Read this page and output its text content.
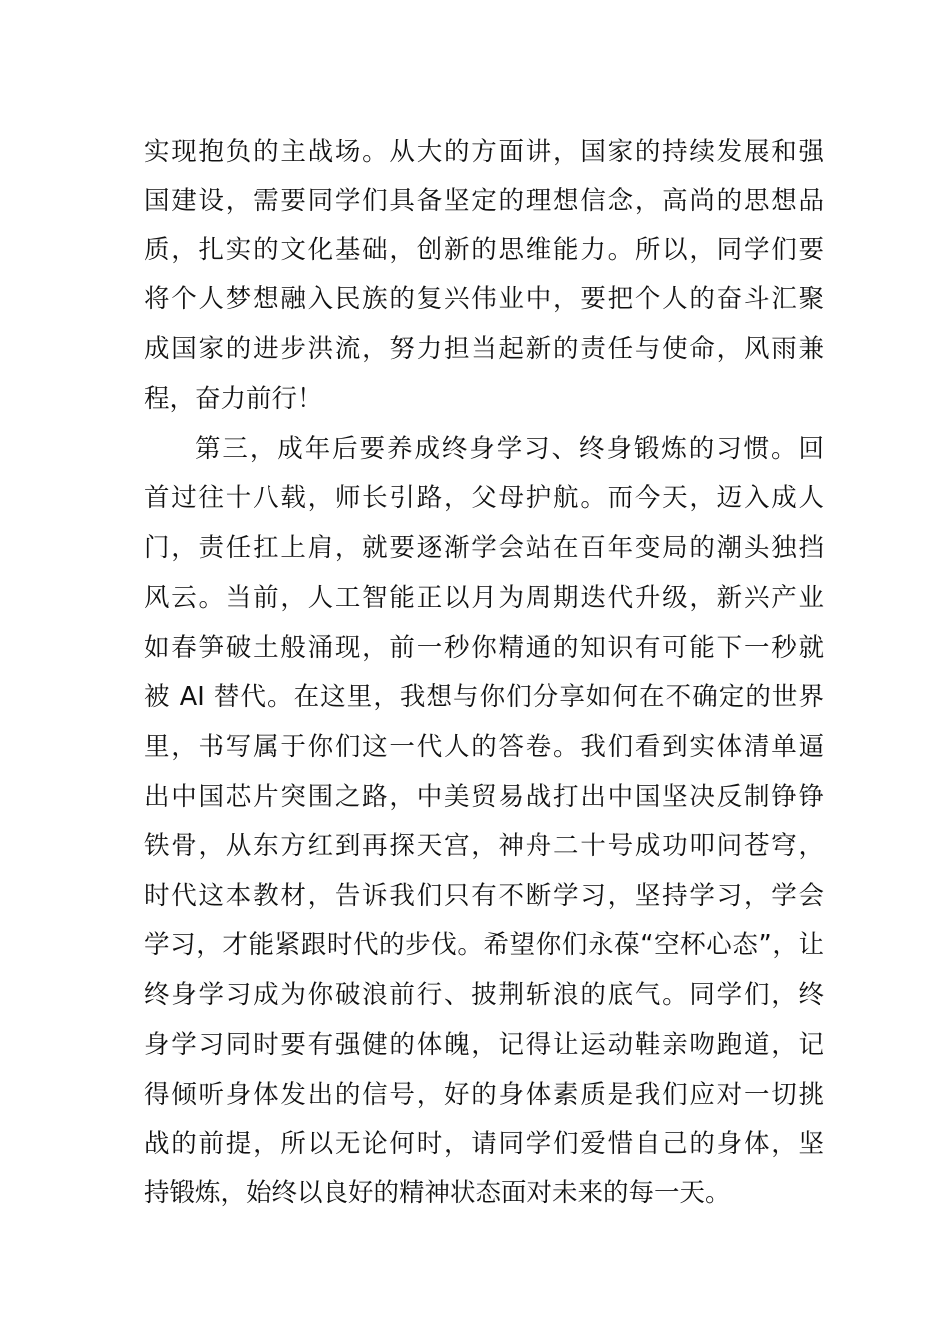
实现抱负的主战场。从大的方面讲，国家的持续发展和强
国建设，需要同学们具备坚定的理想信念，高尚的思想品
质，扎实的文化基础，创新的思维能力。所以，同学们要
将个人梦想融入民族的复兴伟业中，要把个人的奋斗汇聚
成国家的进步洪流，努力担当起新的责任与使命，风雨兼
程，奋力前行！
第三，成年后要养成终身学习、终身锻炼的习惯。回
首过往十八载，师长引路，父母护航。而今天，迈入成人
门，责任扛上肩，就要逐渐学会站在百年变局的潮头独挡
风云。当前，人工智能正以月为周期迭代升级，新兴产业
如春笋破土般涌现，前一秒你精通的知识有可能下一秒就
被 AI 替代。在这里，我想与你们分享如何在不确定的世界
里，书写属于你们这一代人的答卷。我们看到实体清单逼
出中国芯片突围之路，中美贸易战打出中国坚决反制铮铮
铁骨，从东方红到再探天宫，神舟二十号成功叩问苍穹，
时代这本教材，告诉我们只有不断学习，坚持学习，学会
学习，才能紧跟时代的步伐。希望你们永葆“空杯心态”，让
终身学习成为你破浪前行、披荆斩浪的底气。同学们，终
身学习同时要有强健的体魄，记得让运动鞋亲吻跑道，记
得倾听身体发出的信号，好的身体素质是我们应对一切挑
战的前提，所以无论何时，请同学们爱惜自己的身体，坚
持锻炼，始终以良好的精神状态面对未来的每一天。
